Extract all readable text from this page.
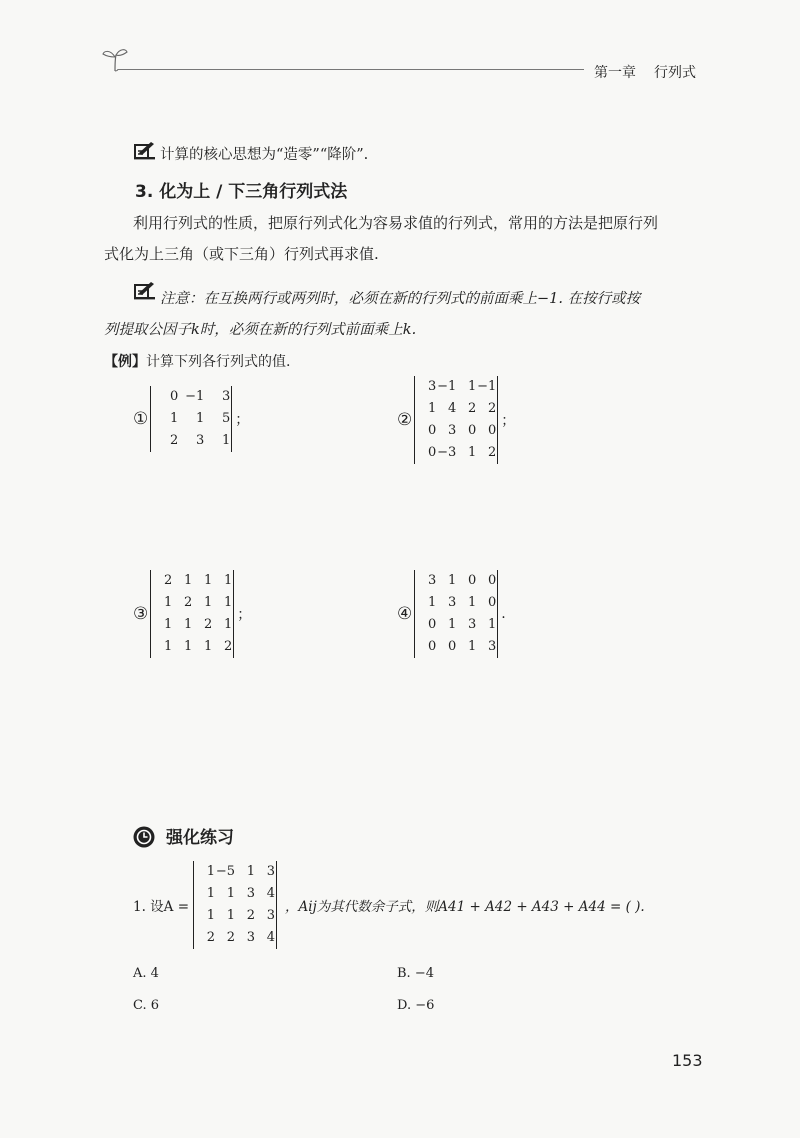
第一章 行列式
计算的核心思想为“造零”“降阶”.
3. 化为上 / 下三角行列式法
利用行列式的性质，把原行列式化为容易求值的行列式，常用的方法是把原行列
式化为上三角（或下三角）行列式再求值.
注意：在互换两行或两列时，必须在新的行列式的前面乘上−1. 在按行或按
列提取公因子k时，必须在新的行列式前面乘上k.
【例】计算下列各行列式的值.
①
0	−1	3
1	1	5
2	3	1
；	②
3	−1	1	−1
1	4	2	2
0	3	0	0
0	−3	1	2
；
③
2	1	1	1
1	2	1	1
1	1	2	1
1	1	1	2
；	④
3	1	0	0
1	3	1	0
0	1	3	1
0	0	1	3
.
强化练习
1. 设A =
1	−5	1	3
1	1	3	4
1	1	2	3
2	2	3	4
，Aij为其代数余子式，则A41 + A42 + A43 + A44 = ( ).
A. 4	B. −4
C. 6	D. −6
153
